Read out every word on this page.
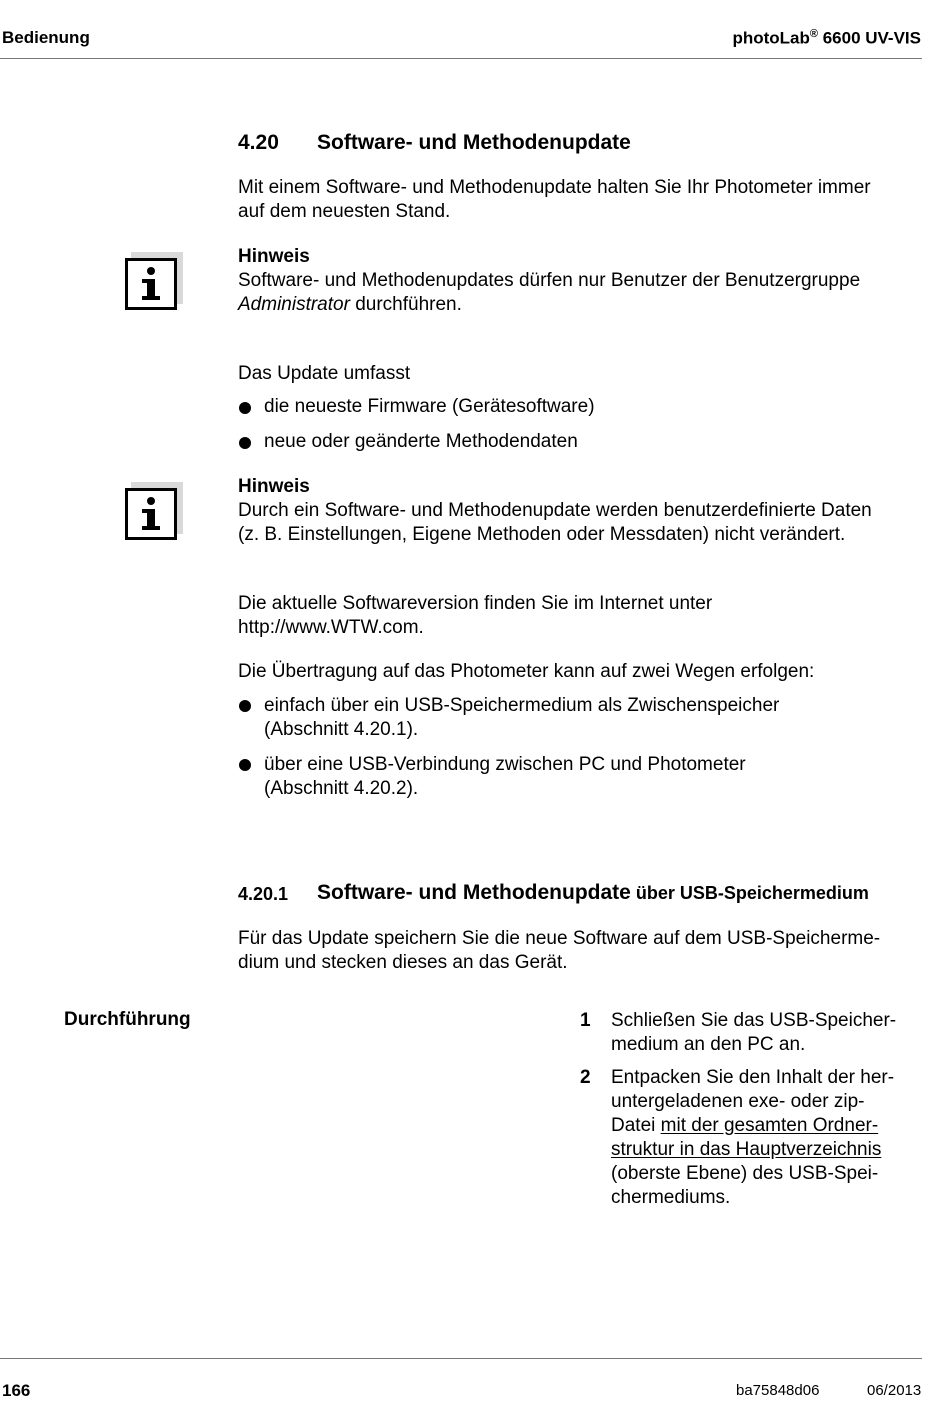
Bedienung	photoLab® 6600 UV-VIS
4.20 Software- und Methodenupdate
Mit einem Software- und Methodenupdate halten Sie Ihr Photometer immer
auf dem neuesten Stand.
Hinweis
Software- und Methodenupdates dürfen nur Benutzer der Benutzergruppe
Administrator durchführen.
Das Update umfasst
die neueste Firmware (Gerätesoftware)
neue oder geänderte Methodendaten
Hinweis
Durch ein Software- und Methodenupdate werden benutzerdefinierte Daten
(z. B. Einstellungen, Eigene Methoden oder Messdaten) nicht verändert.
Die aktuelle Softwareversion finden Sie im Internet unter
http://www.WTW.com.
Die Übertragung auf das Photometer kann auf zwei Wegen erfolgen:
einfach über ein USB-Speichermedium als Zwischenspeicher
(Abschnitt 4.20.1).
über eine USB-Verbindung zwischen PC und Photometer
(Abschnitt 4.20.2).
4.20.1 Software- und Methodenupdate über USB-Speichermedium
Für das Update speichern Sie die neue Software auf dem USB-Speicherme-
dium und stecken dieses an das Gerät.
Durchführung	1 Schließen Sie das USB-Speicher-
medium an den PC an.
2 Entpacken Sie den Inhalt der her-
untergeladenen exe- oder zip-
Datei mit der gesamten Ordner-
struktur in das Hauptverzeichnis
(oberste Ebene) des USB-Spei-
chermediums.
166	ba75848d06	06/2013
